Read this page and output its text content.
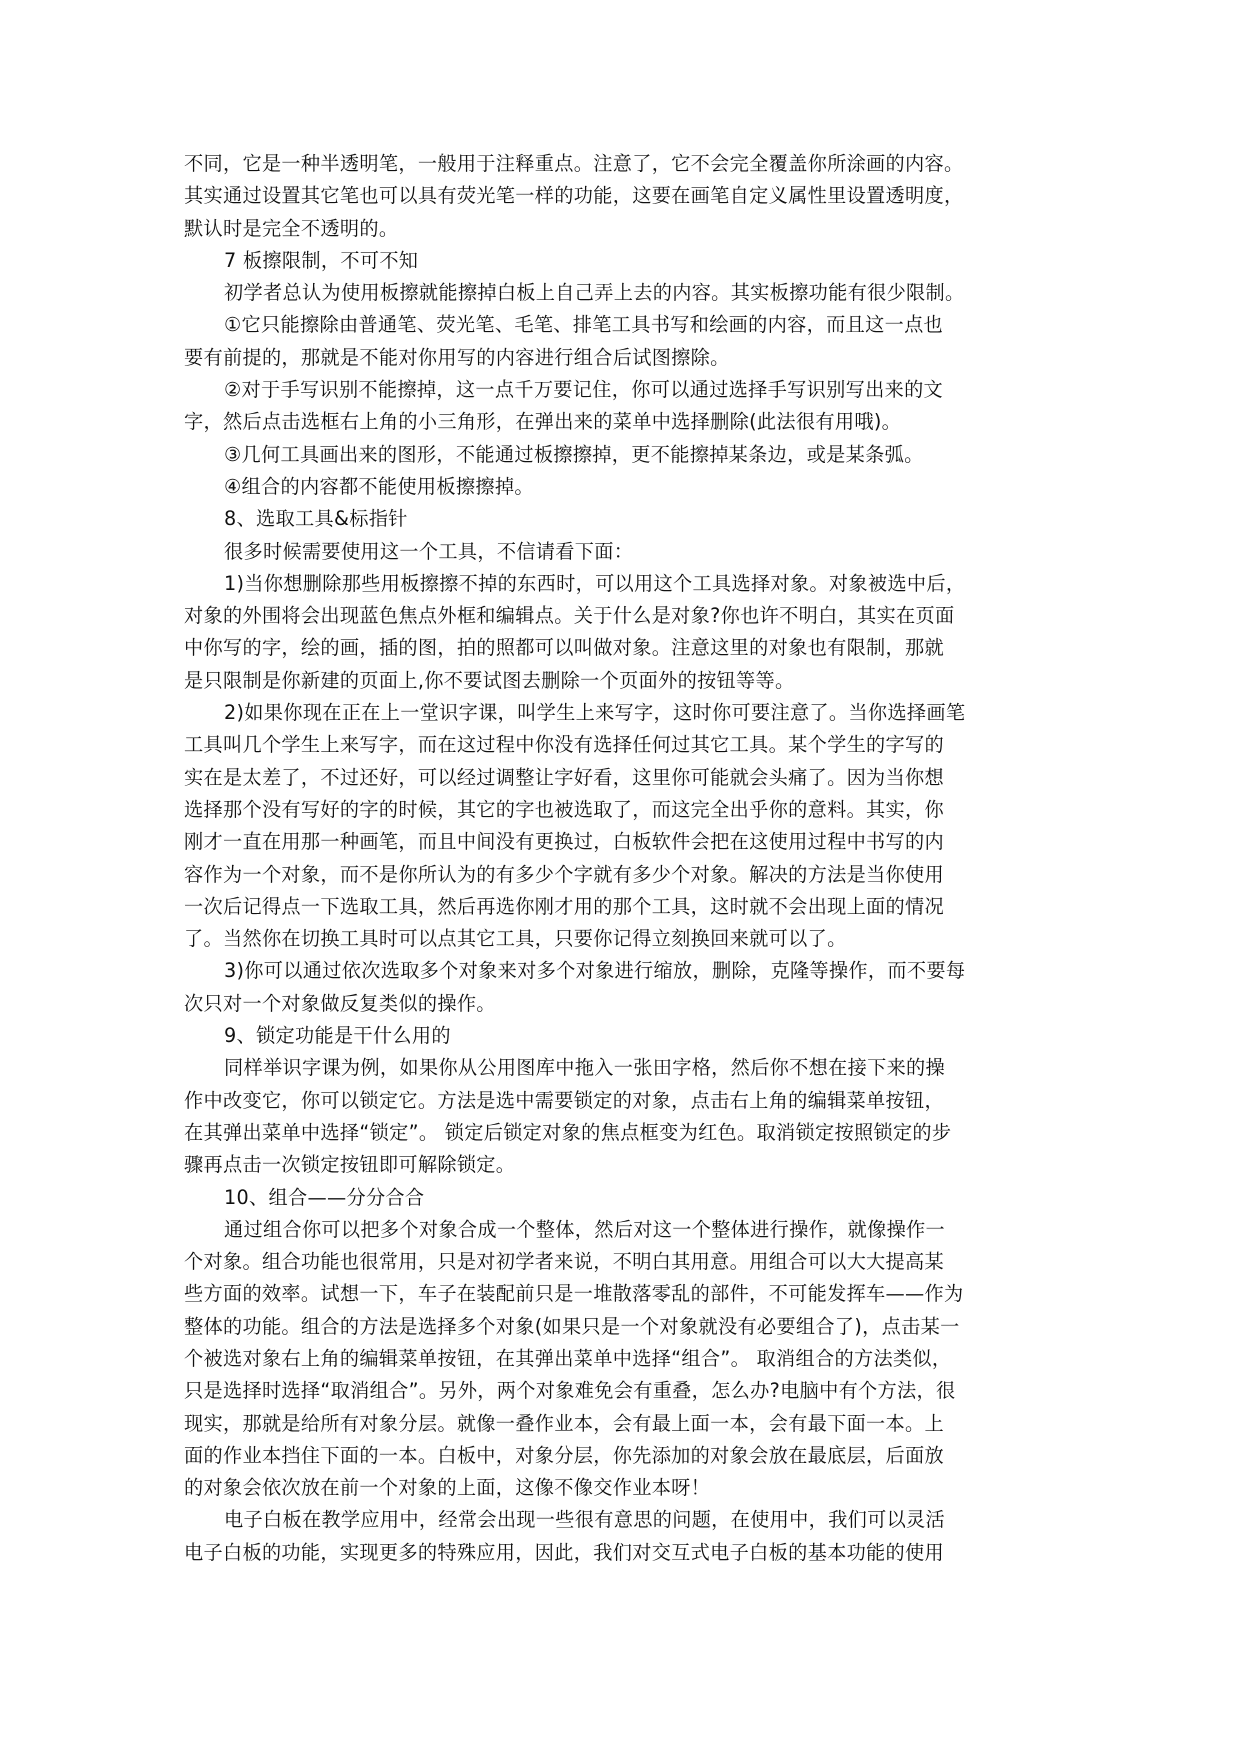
不同，它是一种半透明笔，一般用于注释重点。注意了，它不会完全覆盖你所涂画的内容。
其实通过设置其它笔也可以具有荧光笔一样的功能，这要在画笔自定义属性里设置透明度，
默认时是完全不透明的。
7 板擦限制，不可不知
初学者总认为使用板擦就能擦掉白板上自己弄上去的内容。其实板擦功能有很少限制。
①它只能擦除由普通笔、荧光笔、毛笔、排笔工具书写和绘画的内容，而且这一点也
要有前提的，那就是不能对你用写的内容进行组合后试图擦除。
②对于手写识别不能擦掉，这一点千万要记住，你可以通过选择手写识别写出来的文
字，然后点击选框右上角的小三角形，在弹出来的菜单中选择删除(此法很有用哦)。
③几何工具画出来的图形，不能通过板擦擦掉，更不能擦掉某条边，或是某条弧。
④组合的内容都不能使用板擦擦掉。
8、选取工具&标指针
很多时候需要使用这一个工具，不信请看下面：
1)当你想删除那些用板擦擦不掉的东西时，可以用这个工具选择对象。对象被选中后，
对象的外围将会出现蓝色焦点外框和编辑点。关于什么是对象?你也许不明白，其实在页面
中你写的字，绘的画，插的图，拍的照都可以叫做对象。注意这里的对象也有限制，那就
是只限制是你新建的页面上,你不要试图去删除一个页面外的按钮等等。
2)如果你现在正在上一堂识字课，叫学生上来写字，这时你可要注意了。当你选择画笔
工具叫几个学生上来写字，而在这过程中你没有选择任何过其它工具。某个学生的字写的
实在是太差了，不过还好，可以经过调整让字好看，这里你可能就会头痛了。因为当你想
选择那个没有写好的字的时候，其它的字也被选取了，而这完全出乎你的意料。其实，你
刚才一直在用那一种画笔，而且中间没有更换过，白板软件会把在这使用过程中书写的内
容作为一个对象，而不是你所认为的有多少个字就有多少个对象。解决的方法是当你使用
一次后记得点一下选取工具，然后再选你刚才用的那个工具，这时就不会出现上面的情况
了。当然你在切换工具时可以点其它工具，只要你记得立刻换回来就可以了。
3)你可以通过依次选取多个对象来对多个对象进行缩放，删除，克隆等操作，而不要每
次只对一个对象做反复类似的操作。
9、锁定功能是干什么用的
同样举识字课为例，如果你从公用图库中拖入一张田字格，然后你不想在接下来的操
作中改变它，你可以锁定它。方法是选中需要锁定的对象，点击右上角的编辑菜单按钮，
在其弹出菜单中选择“锁定”。 锁定后锁定对象的焦点框变为红色。取消锁定按照锁定的步
骤再点击一次锁定按钮即可解除锁定。
10、组合——分分合合
通过组合你可以把多个对象合成一个整体，然后对这一个整体进行操作，就像操作一
个对象。组合功能也很常用，只是对初学者来说，不明白其用意。用组合可以大大提高某
些方面的效率。试想一下，车子在装配前只是一堆散落零乱的部件，不可能发挥车——作为
整体的功能。组合的方法是选择多个对象(如果只是一个对象就没有必要组合了)，点击某一
个被选对象右上角的编辑菜单按钮，在其弹出菜单中选择“组合”。 取消组合的方法类似，
只是选择时选择“取消组合”。另外，两个对象难免会有重叠，怎么办?电脑中有个方法，很
现实，那就是给所有对象分层。就像一叠作业本，会有最上面一本，会有最下面一本。上
面的作业本挡住下面的一本。白板中，对象分层，你先添加的对象会放在最底层，后面放
的对象会依次放在前一个对象的上面，这像不像交作业本呀！
电子白板在教学应用中，经常会出现一些很有意思的问题，在使用中，我们可以灵活
电子白板的功能，实现更多的特殊应用，因此，我们对交互式电子白板的基本功能的使用
